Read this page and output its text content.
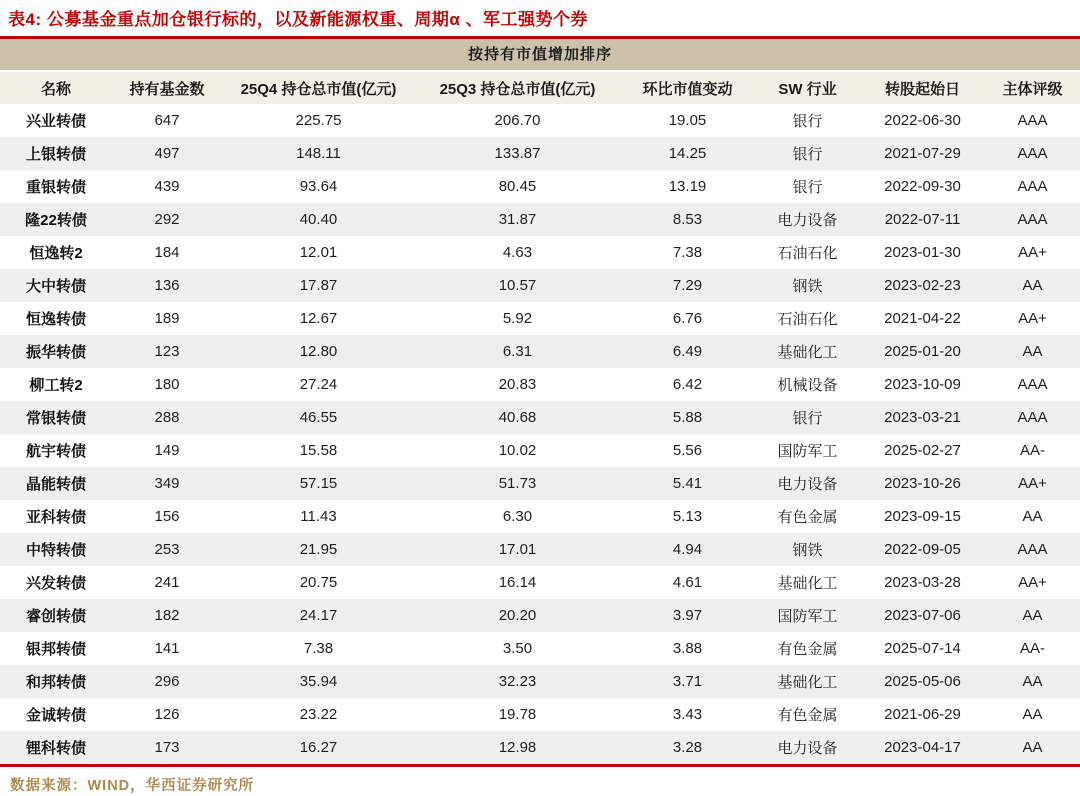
表4: 公募基金重点加仓银行标的，以及新能源权重、周期α 、军工强势个券
按持有市值增加排序
名称	持有基金数	25Q4 持仓总市值(亿元)	25Q3 持仓总市值(亿元)	环比市值变动	SW 行业	转股起始日	主体评级
兴业转债	647	225.75	206.70	19.05	银行	2022-06-30	AAA
上银转债	497	148.11	133.87	14.25	银行	2021-07-29	AAA
重银转债	439	93.64	80.45	13.19	银行	2022-09-30	AAA
隆22转债	292	40.40	31.87	8.53	电力设备	2022-07-11	AAA
恒逸转2	184	12.01	4.63	7.38	石油石化	2023-01-30	AA+
大中转债	136	17.87	10.57	7.29	钢铁	2023-02-23	AA
恒逸转债	189	12.67	5.92	6.76	石油石化	2021-04-22	AA+
振华转债	123	12.80	6.31	6.49	基础化工	2025-01-20	AA
柳工转2	180	27.24	20.83	6.42	机械设备	2023-10-09	AAA
常银转债	288	46.55	40.68	5.88	银行	2023-03-21	AAA
航宇转债	149	15.58	10.02	5.56	国防军工	2025-02-27	AA-
晶能转债	349	57.15	51.73	5.41	电力设备	2023-10-26	AA+
亚科转债	156	11.43	6.30	5.13	有色金属	2023-09-15	AA
中特转债	253	21.95	17.01	4.94	钢铁	2022-09-05	AAA
兴发转债	241	20.75	16.14	4.61	基础化工	2023-03-28	AA+
睿创转债	182	24.17	20.20	3.97	国防军工	2023-07-06	AA
银邦转债	141	7.38	3.50	3.88	有色金属	2025-07-14	AA-
和邦转债	296	35.94	32.23	3.71	基础化工	2025-05-06	AA
金诚转债	126	23.22	19.78	3.43	有色金属	2021-06-29	AA
锂科转债	173	16.27	12.98	3.28	电力设备	2023-04-17	AA
数据来源：WIND，华西证券研究所
